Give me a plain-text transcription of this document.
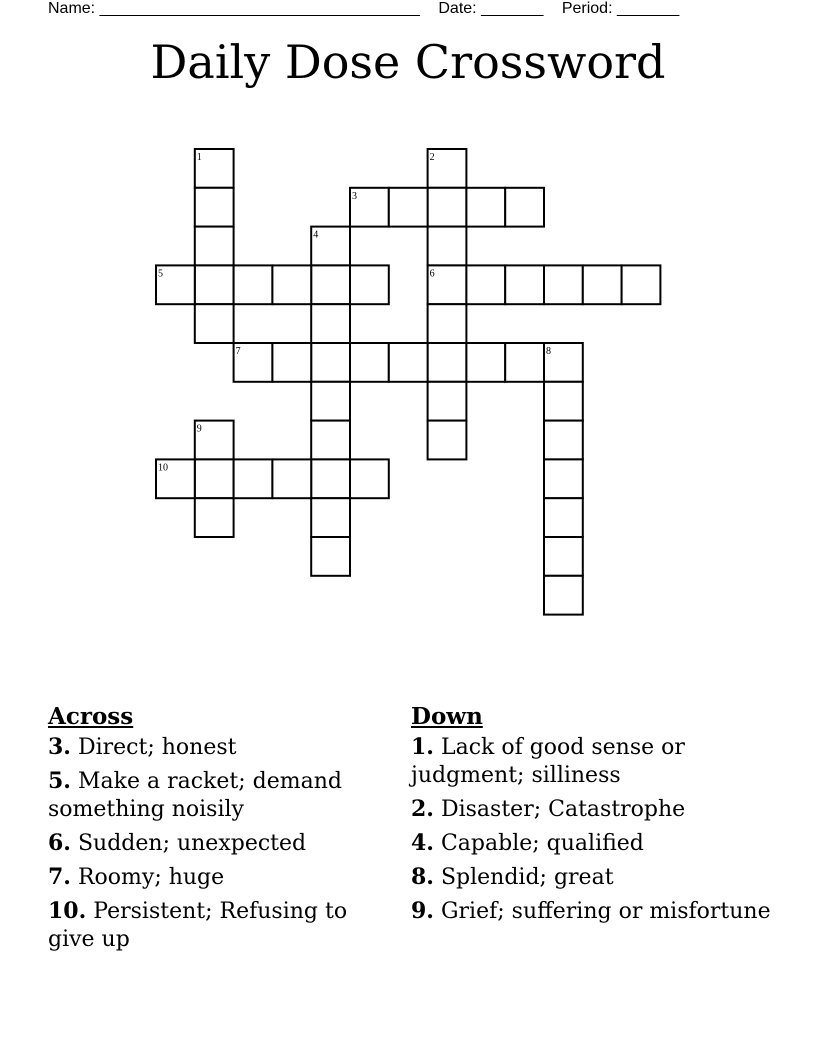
Name: ____________________________________ Date: _______ Period: _______
Daily Dose Crossword
1	2
3
4
5	6
7	8
9
10
Across
3. Direct; honest
5. Make a racket; demand something noisily
6. Sudden; unexpected
7. Roomy; huge
10. Persistent; Refusing to give up
Down
1. Lack of good sense or judgment; silliness
2. Disaster; Catastrophe
4. Capable; qualified
8. Splendid; great
9. Grief; suffering or misfortune
